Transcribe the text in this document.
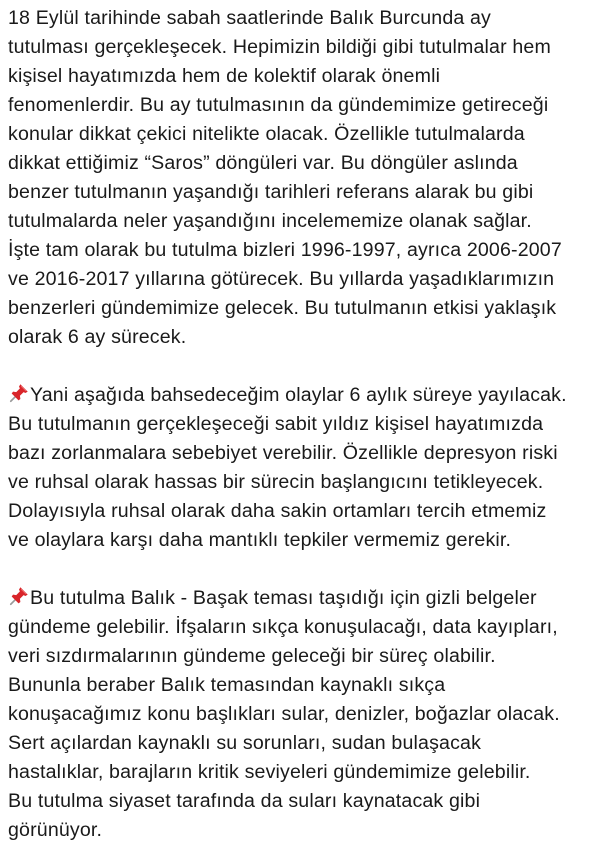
18 Eylül tarihinde sabah saatlerinde Balık Burcunda ay
tutulması gerçekleşecek. Hepimizin bildiği gibi tutulmalar hem
kişisel hayatımızda hem de kolektif olarak önemli
fenomenlerdir. Bu ay tutulmasının da gündemimize getireceği
konular dikkat çekici nitelikte olacak. Özellikle tutulmalarda
dikkat ettiğimiz “Saros” döngüleri var. Bu döngüler aslında
benzer tutulmanın yaşandığı tarihleri referans alarak bu gibi
tutulmalarda neler yaşandığını incelememize olanak sağlar.
İşte tam olarak bu tutulma bizleri 1996-1997, ayrıca 2006-2007
ve 2016-2017 yıllarına götürecek. Bu yıllarda yaşadıklarımızın
benzerleri gündemimize gelecek. Bu tutulmanın etkisi yaklaşık
olarak 6 ay sürecek.
Yani aşağıda bahsedeceğim olaylar 6 aylık süreye yayılacak.
Bu tutulmanın gerçekleşeceği sabit yıldız kişisel hayatımızda
bazı zorlanmalara sebebiyet verebilir. Özellikle depresyon riski
ve ruhsal olarak hassas bir sürecin başlangıcını tetikleyecek.
Dolayısıyla ruhsal olarak daha sakin ortamları tercih etmemiz
ve olaylara karşı daha mantıklı tepkiler vermemiz gerekir.
Bu tutulma Balık - Başak teması taşıdığı için gizli belgeler
gündeme gelebilir. İfşaların sıkça konuşulacağı, data kayıpları,
veri sızdırmalarının gündeme geleceği bir süreç olabilir.
Bununla beraber Balık temasından kaynaklı sıkça
konuşacağımız konu başlıkları sular, denizler, boğazlar olacak.
Sert açılardan kaynaklı su sorunları, sudan bulaşacak
hastalıklar, barajların kritik seviyeleri gündemimize gelebilir.
Bu tutulma siyaset tarafında da suları kaynatacak gibi
görünüyor.
